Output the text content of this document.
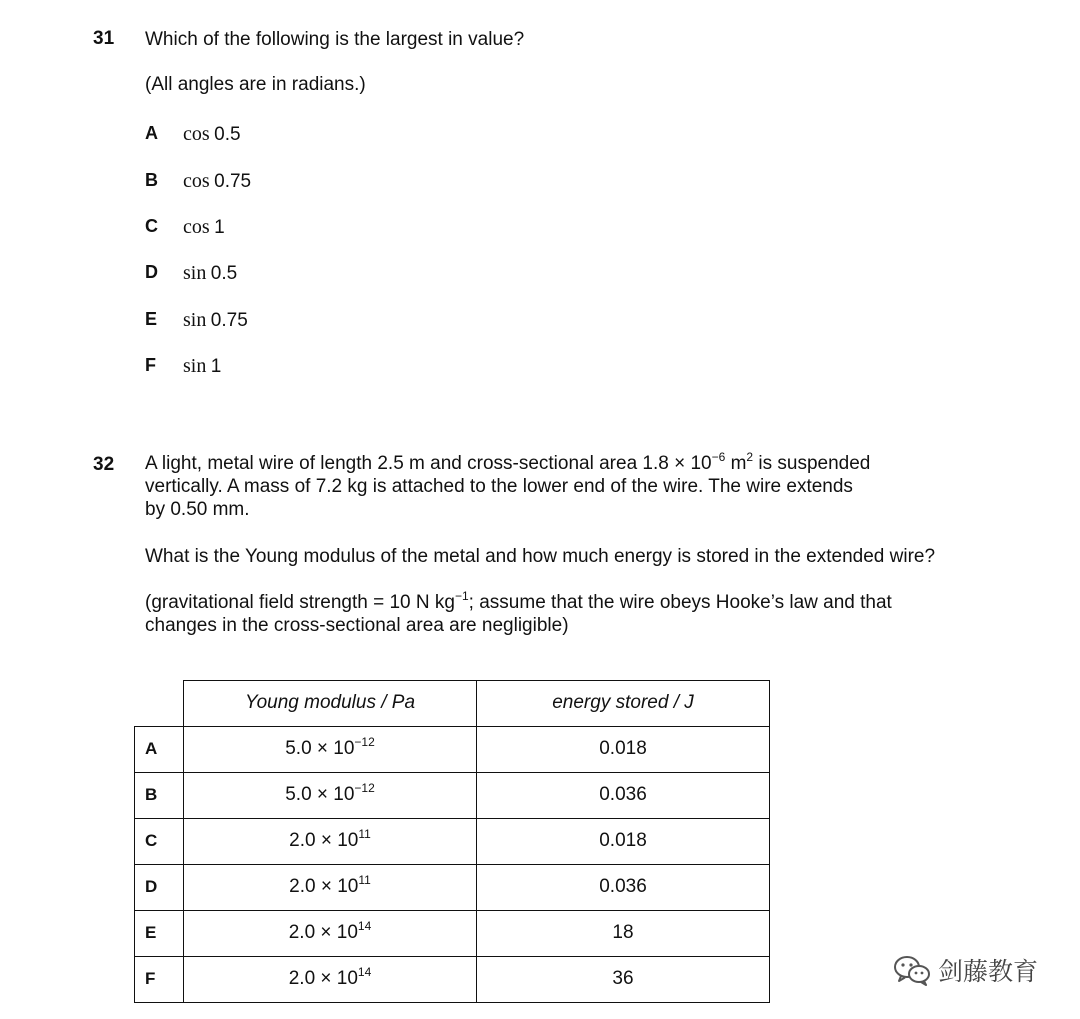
31 Which of the following is the largest in value?
(All angles are in radians.)
A cos 0.5
B cos 0.75
C cos 1
D sin 0.5
E sin 0.75
F sin 1
32 A light, metal wire of length 2.5 m and cross-sectional area $1.8 \times 10^{-6}$ $m^2$ is suspended
vertically. A mass of 7.2 kg is attached to the lower end of the wire. The wire extends
by 0.50 mm.
What is the Young modulus of the metal and how much energy is stored in the extended wire?
(gravitational field strength = 10 N $kg^{-1}$; assume that the wire obeys Hooke’s law and that
changes in the cross-sectional area are negligible)
	Young modulus / Pa	energy stored / J
A	$5.0 \times 10^{-12}$	0.018
B	$5.0 \times 10^{-12}$	0.036
C	$2.0 \times 10^{11}$	0.018
D	$2.0 \times 10^{11}$	0.036
E	$2.0 \times 10^{14}$	18
F	$2.0 \times 10^{14}$	36	剑藤教育
